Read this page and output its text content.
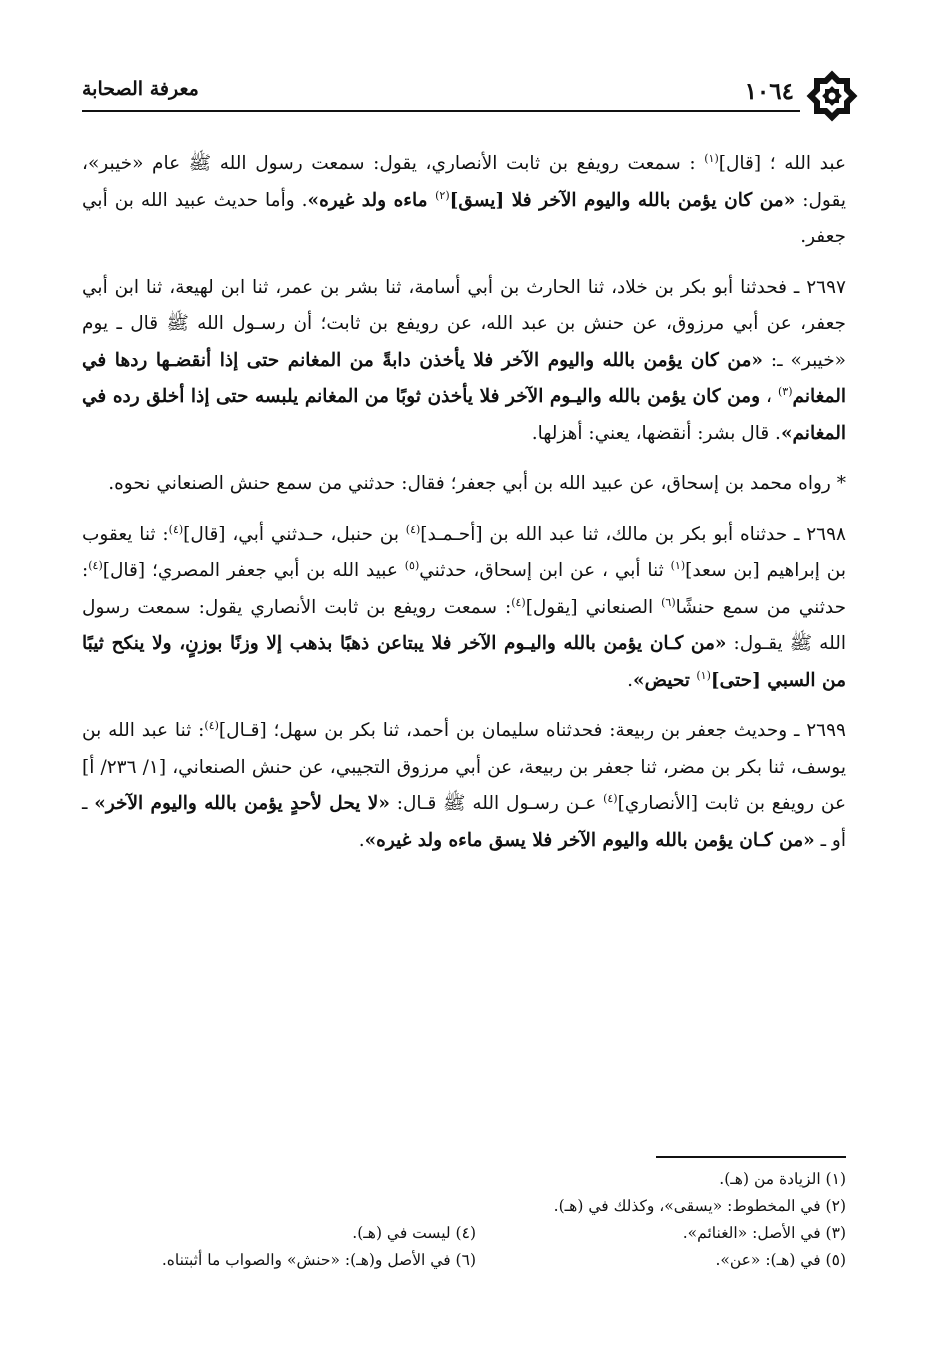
١٠٦٤
معرفة الصحابة

عبد الله ؛ [قال]$^{(١)}$ : سمعت رويفع بن ثابت الأنصاري، يقول: سمعت رسول الله ﷺ عام «خيبر»، يقول: «من كان يؤمن بالله واليوم الآخر فلا [يسق]$^{(٢)}$ ماءه ولد غيره». وأما حديث عبيد الله بن أبي جعفر.

٢٦٩٧ ـ فحدثنا أبو بكر بن خلاد، ثنا الحارث بن أبي أسامة، ثنا بشر بن عمر، ثنا ابن لهيعة، ثنا ابن أبي جعفر، عن أبي مرزوق، عن حنش بن عبد الله، عن رويفع بن ثابت؛ أن رسـول الله ﷺ قال ـ يوم «خيبر» ـ: «من كان يؤمن بالله واليوم الآخر فلا يأخذن دابةً من المغانم حتى إذا أنقضـها ردها في المغانم$^{(٣)}$ ، ومن كان يؤمن بالله واليـوم الآخر فلا يأخذن ثوبًا من المغانم يلبسه حتى إذا أخلق رده في المغانم». قال بشر: أنقضها، يعني: أهزلها.

* رواه محمد بن إسحاق، عن عبيد الله بن أبي جعفر؛ فقال: حدثني من سمع حنش الصنعاني نحوه.

٢٦٩٨ ـ حدثناه أبو بكر بن مالك، ثنا عبد الله بن [أحـمـد]$^{(٤)}$ بن حنبل، حـدثني أبي، [قال]$^{(٤)}$: ثنا يعقوب بن إبراهيم [بن سعد]$^{(١)}$ ثنا أبي ، عن ابن إسحاق، حدثني$^{(٥)}$ عبيد الله بن أبي جعفر المصري؛ [قال]$^{(٤)}$: حدثني من سمع حنشًا$^{(٦)}$ الصنعاني [يقول]$^{(٤)}$: سمعت رويفع بن ثابت الأنصاري يقول: سمعت رسول الله ﷺ يقـول: «من كـان يؤمن بالله واليـوم الآخر فلا يبتاعن ذهبًا بذهب إلا وزنًا بوزنٍ، ولا ينكح ثيبًا من السبي [حتى]$^{(١)}$ تحيض».

٢٦٩٩ ـ وحديث جعفر بن ربيعة: فحدثناه سليمان بن أحمد، ثنا بكر بن سهل؛ [قـال]$^{(٤)}$: ثنا عبد الله بن يوسف، ثنا بكر بن مضر، ثنا جعفر بن ربيعة، عن أبي مرزوق التجيبي، عن حنش الصنعاني، [١/ ٢٣٦/ أ] عن رويفع بن ثابت [الأنصاري]$^{(٤)}$ عـن رسـول الله ﷺ قـال: «لا يحل لأحدٍ يؤمن بالله واليوم الآخر» ـ أو ـ «من كـان يؤمن بالله واليوم الآخر فلا يسق ماءه ولد غيره».

(١) الزيادة من (هـ).
(٢) في المخطوط: «يسقى»، وكذلك في (هـ).
(٣) في الأصل: «الغنائم».
(٤) ليست في (هـ).
(٥) في (هـ): «عن».
(٦) في الأصل و(هـ): «حنش» والصواب ما أثبتناه.
